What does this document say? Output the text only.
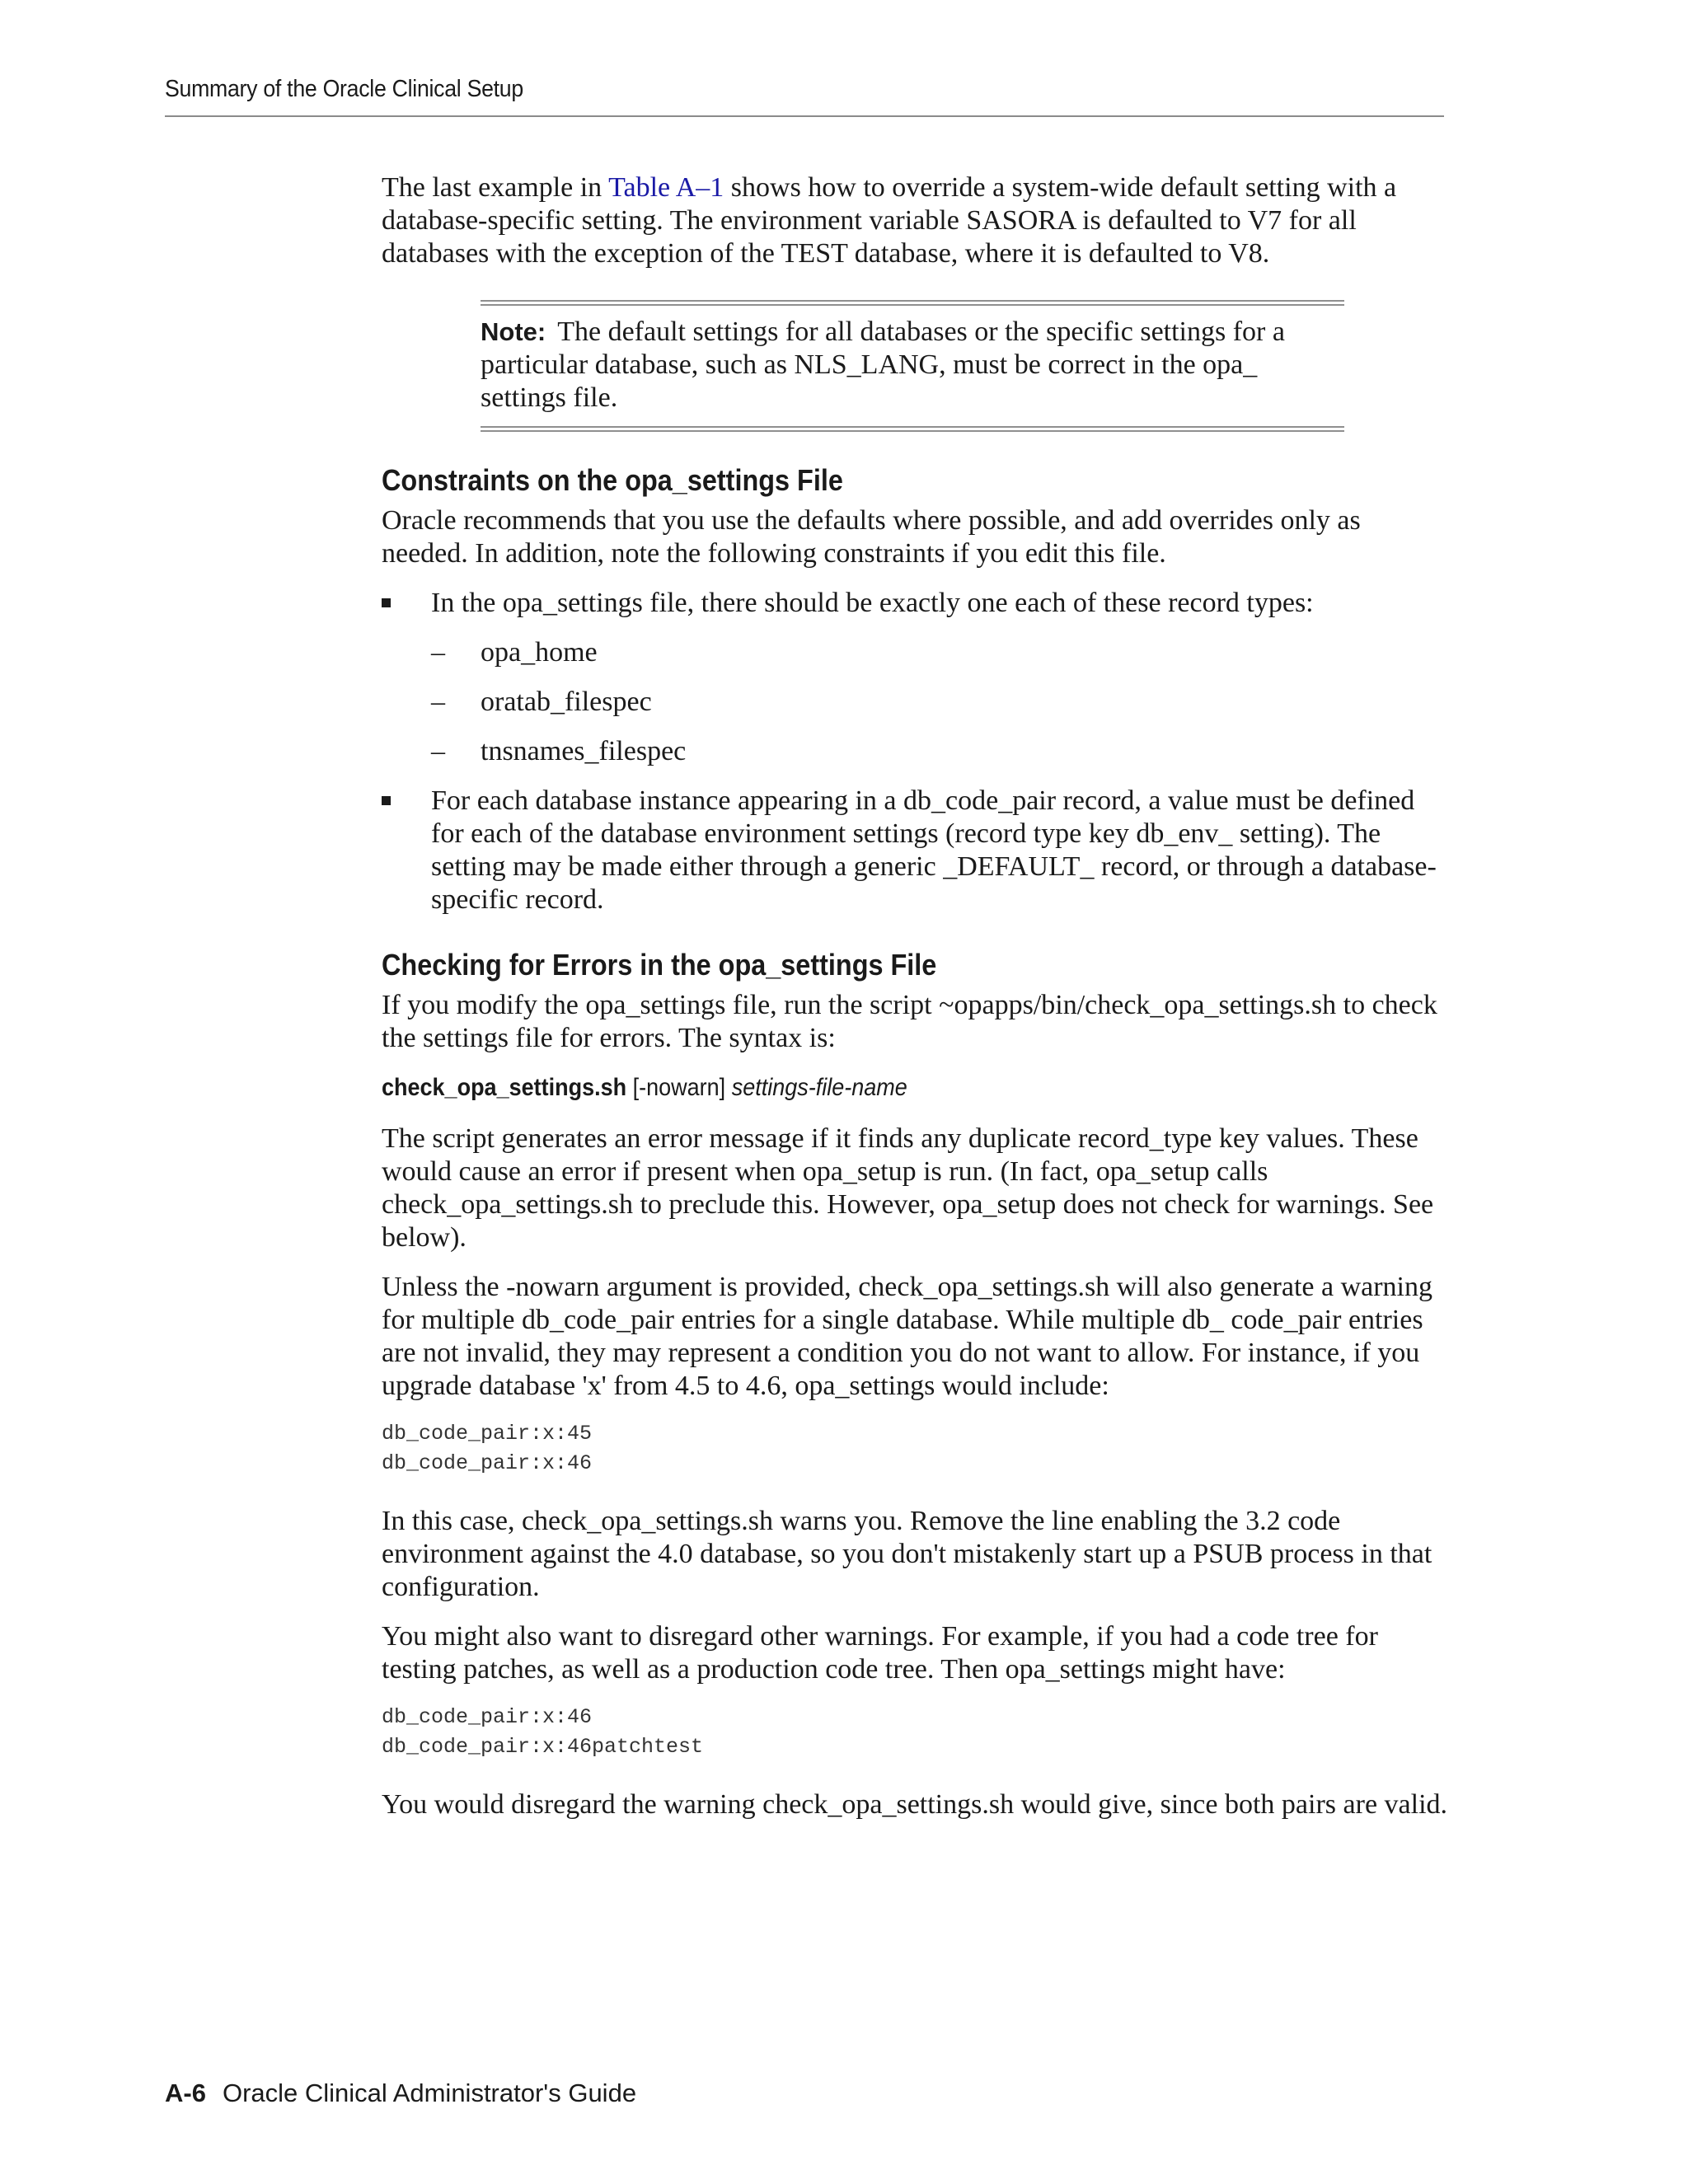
Summary of the Oracle Clinical Setup

The last example in Table A–1 shows how to override a system-wide default setting with a database-specific setting. The environment variable SASORA is defaulted to V7 for all databases with the exception of the TEST database, where it is defaulted to V8.

Note: The default settings for all databases or the specific settings for a particular database, such as NLS_LANG, must be correct in the opa_ settings file.
Constraints on the opa_settings File

Oracle recommends that you use the defaults where possible, and add overrides only as needed. In addition, note the following constraints if you edit this file.

In the opa_settings file, there should be exactly one each of these record types:
– opa_home
– oratab_filespec
– tnsnames_filespec
For each database instance appearing in a db_code_pair record, a value must be defined for each of the database environment settings (record type key db_env_ setting). The setting may be made either through a generic _DEFAULT_ record, or through a database-specific record.
Checking for Errors in the opa_settings File

If you modify the opa_settings file, run the script ~opapps/bin/check_opa_settings.sh to check the settings file for errors. The syntax is:

check_opa_settings.sh [-nowarn] settings-file-name

The script generates an error message if it finds any duplicate record_type key values. These would cause an error if present when opa_setup is run. (In fact, opa_setup calls check_opa_settings.sh to preclude this. However, opa_setup does not check for warnings. See below).

Unless the -nowarn argument is provided, check_opa_settings.sh will also generate a warning for multiple db_code_pair entries for a single database. While multiple db_ code_pair entries are not invalid, they may represent a condition you do not want to allow. For instance, if you upgrade database 'x' from 4.5 to 4.6, opa_settings would include:

db_code_pair:x:45
db_code_pair:x:46

In this case, check_opa_settings.sh warns you. Remove the line enabling the 3.2 code environment against the 4.0 database, so you don't mistakenly start up a PSUB process in that configuration.

You might also want to disregard other warnings. For example, if you had a code tree for testing patches, as well as a production code tree. Then opa_settings might have:

db_code_pair:x:46
db_code_pair:x:46patchtest

You would disregard the warning check_opa_settings.sh would give, since both pairs are valid.

A-6 Oracle Clinical Administrator's Guide
